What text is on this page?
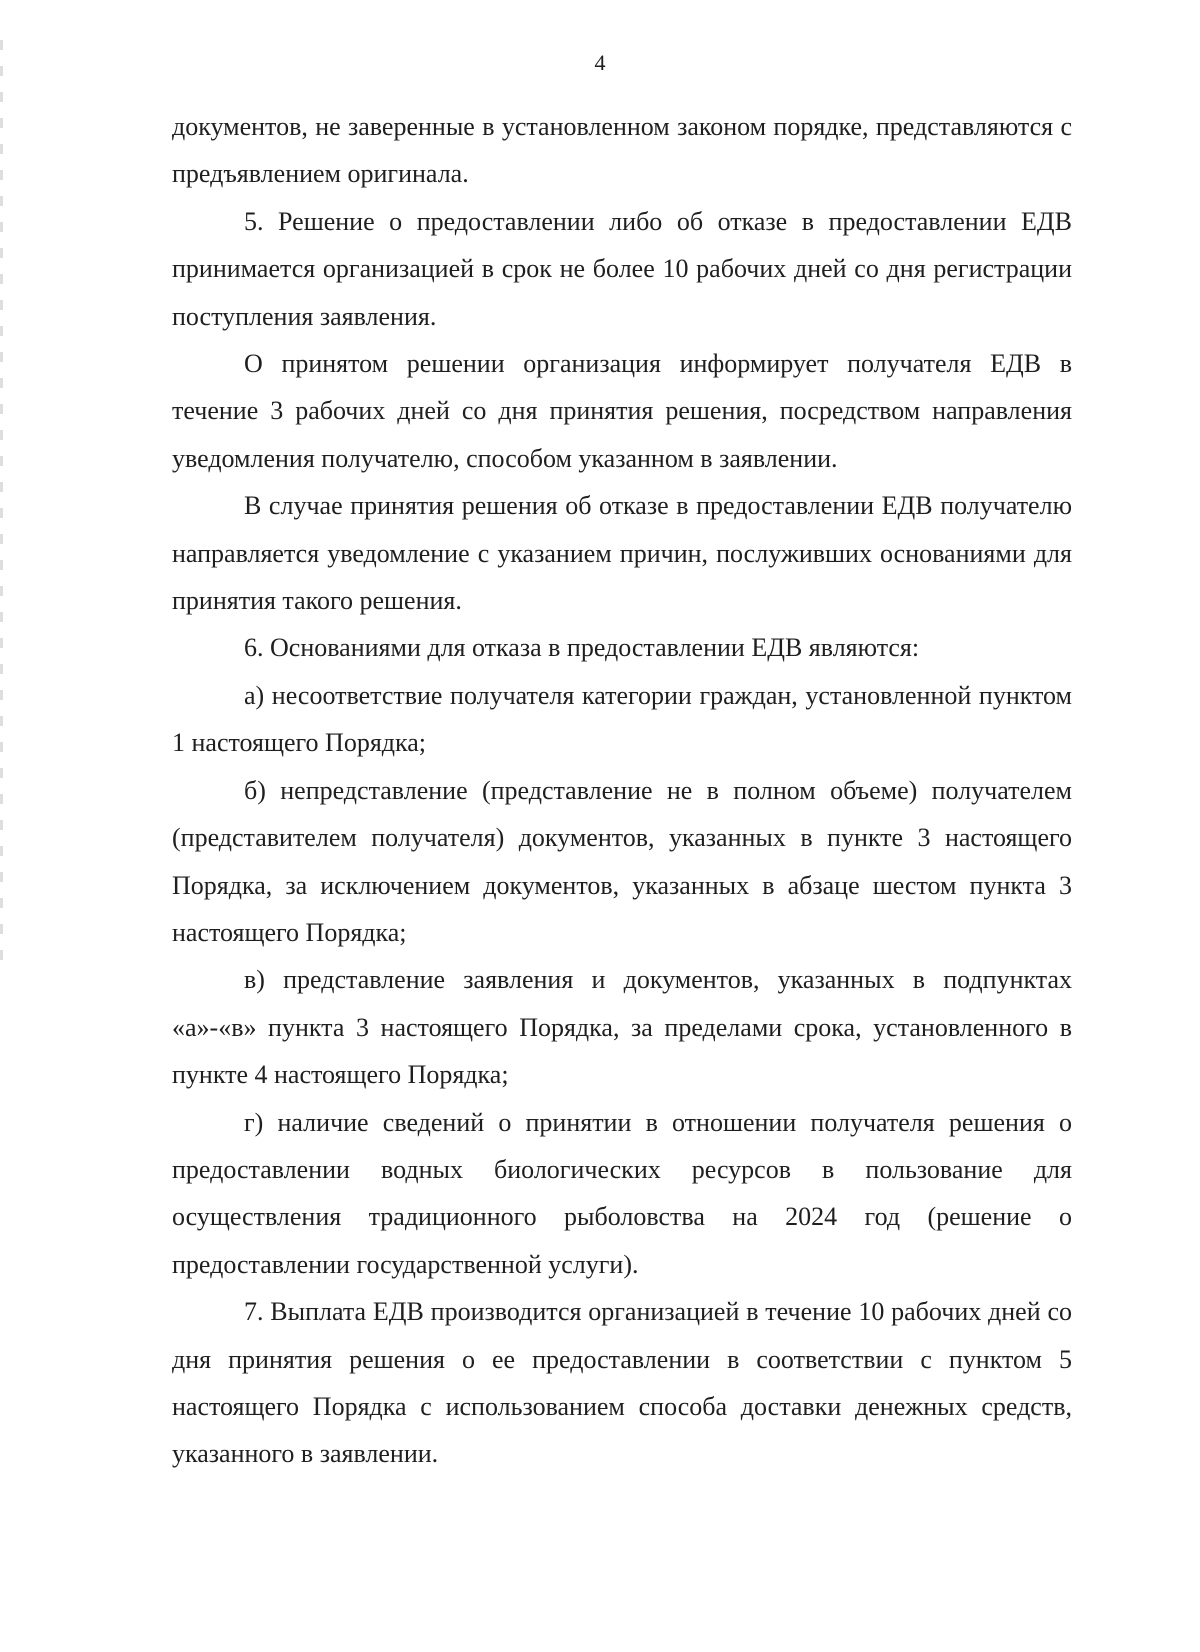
4

документов, не заверенные в установленном законом порядке, представляются с предъявлением оригинала.

5. Решение о предоставлении либо об отказе в предоставлении ЕДВ принимается организацией в срок не более 10 рабочих дней со дня регистрации поступления заявления.

О принятом решении организация информирует получателя ЕДВ в течение 3 рабочих дней со дня принятия решения, посредством направления уведомления получателю, способом указанном в заявлении.

В случае принятия решения об отказе в предоставлении ЕДВ получателю направляется уведомление с указанием причин, послуживших основаниями для принятия такого решения.

6. Основаниями для отказа в предоставлении ЕДВ являются:

а) несоответствие получателя категории граждан, установленной пунктом 1 настоящего Порядка;

б) непредставление (представление не в полном объеме) получателем (представителем получателя) документов, указанных в пункте 3 настоящего Порядка, за исключением документов, указанных в абзаце шестом пункта 3 настоящего Порядка;

в) представление заявления и документов, указанных в подпунктах «а»-«в» пункта 3 настоящего Порядка, за пределами срока, установленного в пункте 4 настоящего Порядка;

г) наличие сведений о принятии в отношении получателя решения о предоставлении водных биологических ресурсов в пользование для осуществления традиционного рыболовства на 2024 год (решение о предоставлении государственной услуги).

7. Выплата ЕДВ производится организацией в течение 10 рабочих дней со дня принятия решения о ее предоставлении в соответствии с пунктом 5 настоящего Порядка с использованием способа доставки денежных средств, указанного в заявлении.
